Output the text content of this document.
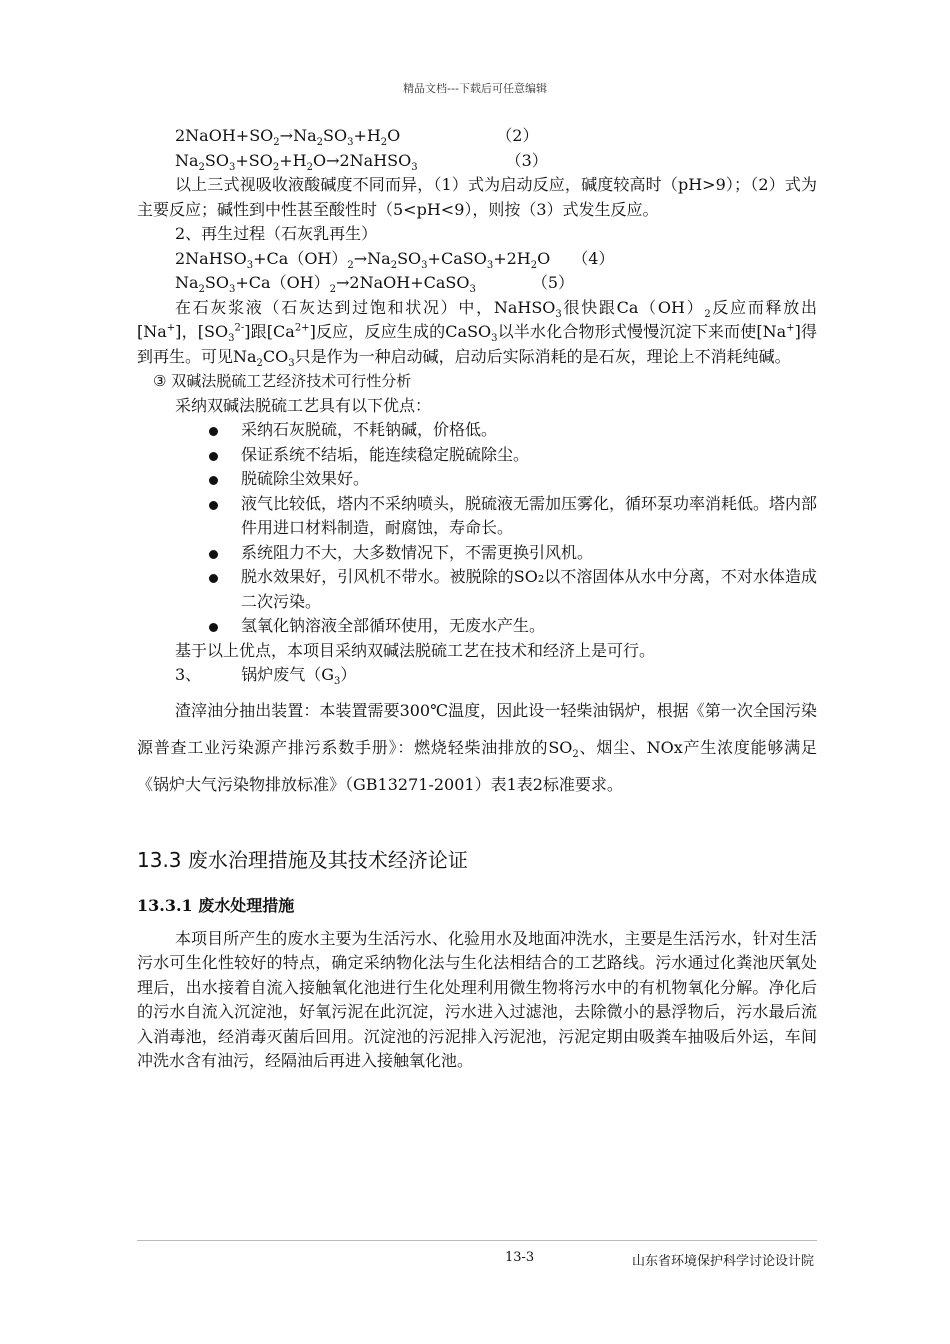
精品文档---下载后可任意编辑
$2NaOH+SO_2\to Na_2SO_3+H_2O$	（2）
$Na_2SO_3+SO_2+H_2O\to 2NaHSO_3$	（3）
以上三式视吸收液酸碱度不同而异，（1）式为启动反应，碱度较高时（pH>9）；（2）式为主要反应；碱性到中性甚至酸性时（5<pH<9），则按（3）式发生反应。
2、再生过程（石灰乳再生）
$2NaHSO_3+Ca(OH)_2\to Na_2SO_3+CaSO_3+2H_2O$ （4）
$Na_2SO_3+Ca(OH)_2\to 2NaOH+CaSO_3$	（5）
在石灰浆液（石灰达到过饱和状况）中，NaHSO$_3$很快跟$Ca(OH)_2$反应而释放出[Na+]，$[SO_3^{2-}]$跟$[Ca^{2+}]$反应，反应生成的CaSO$_3$以半水化合物形式慢慢沉淀下来而使[Na+]得到再生。可见$Na_2CO_3$只是作为一种启动碱，启动后实际消耗的是石灰，理论上不消耗纯碱。
③ 双碱法脱硫工艺经济技术可行性分析
采纳双碱法脱硫工艺具有以下优点：
采纳石灰脱硫，不耗钠碱，价格低。
保证系统不结垢，能连续稳定脱硫除尘。
脱硫除尘效果好。
液气比较低，塔内不采纳喷头，脱硫液无需加压雾化，循环泵功率消耗低。塔内部件用进口材料制造，耐腐蚀，寿命长。
系统阻力不大，大多数情况下，不需更换引风机。
脱水效果好，引风机不带水。被脱除的SO₂以不溶固体从水中分离，不对水体造成二次污染。
氢氧化钠溶液全部循环使用，无废水产生。
基于以上优点，本项目采纳双碱法脱硫工艺在技术和经济上是可行。
3、	锅炉废气$(G_3)$
渣滓油分抽出装置：本装置需要300℃温度，因此设一轻柴油锅炉，根据《第一次全国污染源普查工业污染源产排污系数手册》：燃烧轻柴油排放的$SO_2$、烟尘、NOx产生浓度能够满足《锅炉大气污染物排放标准》（GB13271-2001）表1表2标准要求。
13.3 废水治理措施及其技术经济论证
13.3.1 废水处理措施
本项目所产生的废水主要为生活污水、化验用水及地面冲洗水，主要是生活污水，针对生活污水可生化性较好的特点，确定采纳物化法与生化法相结合的工艺路线。污水通过化粪池厌氧处理后，出水接着自流入接触氧化池进行生化处理利用微生物将污水中的有机物氧化分解。净化后的污水自流入沉淀池，好氧污泥在此沉淀，污水进入过滤池，去除微小的悬浮物后，污水最后流入消毒池，经消毒灭菌后回用。沉淀池的污泥排入污泥池，污泥定期由吸粪车抽吸后外运，车间冲洗水含有油污，经隔油后再进入接触氧化池。
13-3	山东省环境保护科学讨论设计院
